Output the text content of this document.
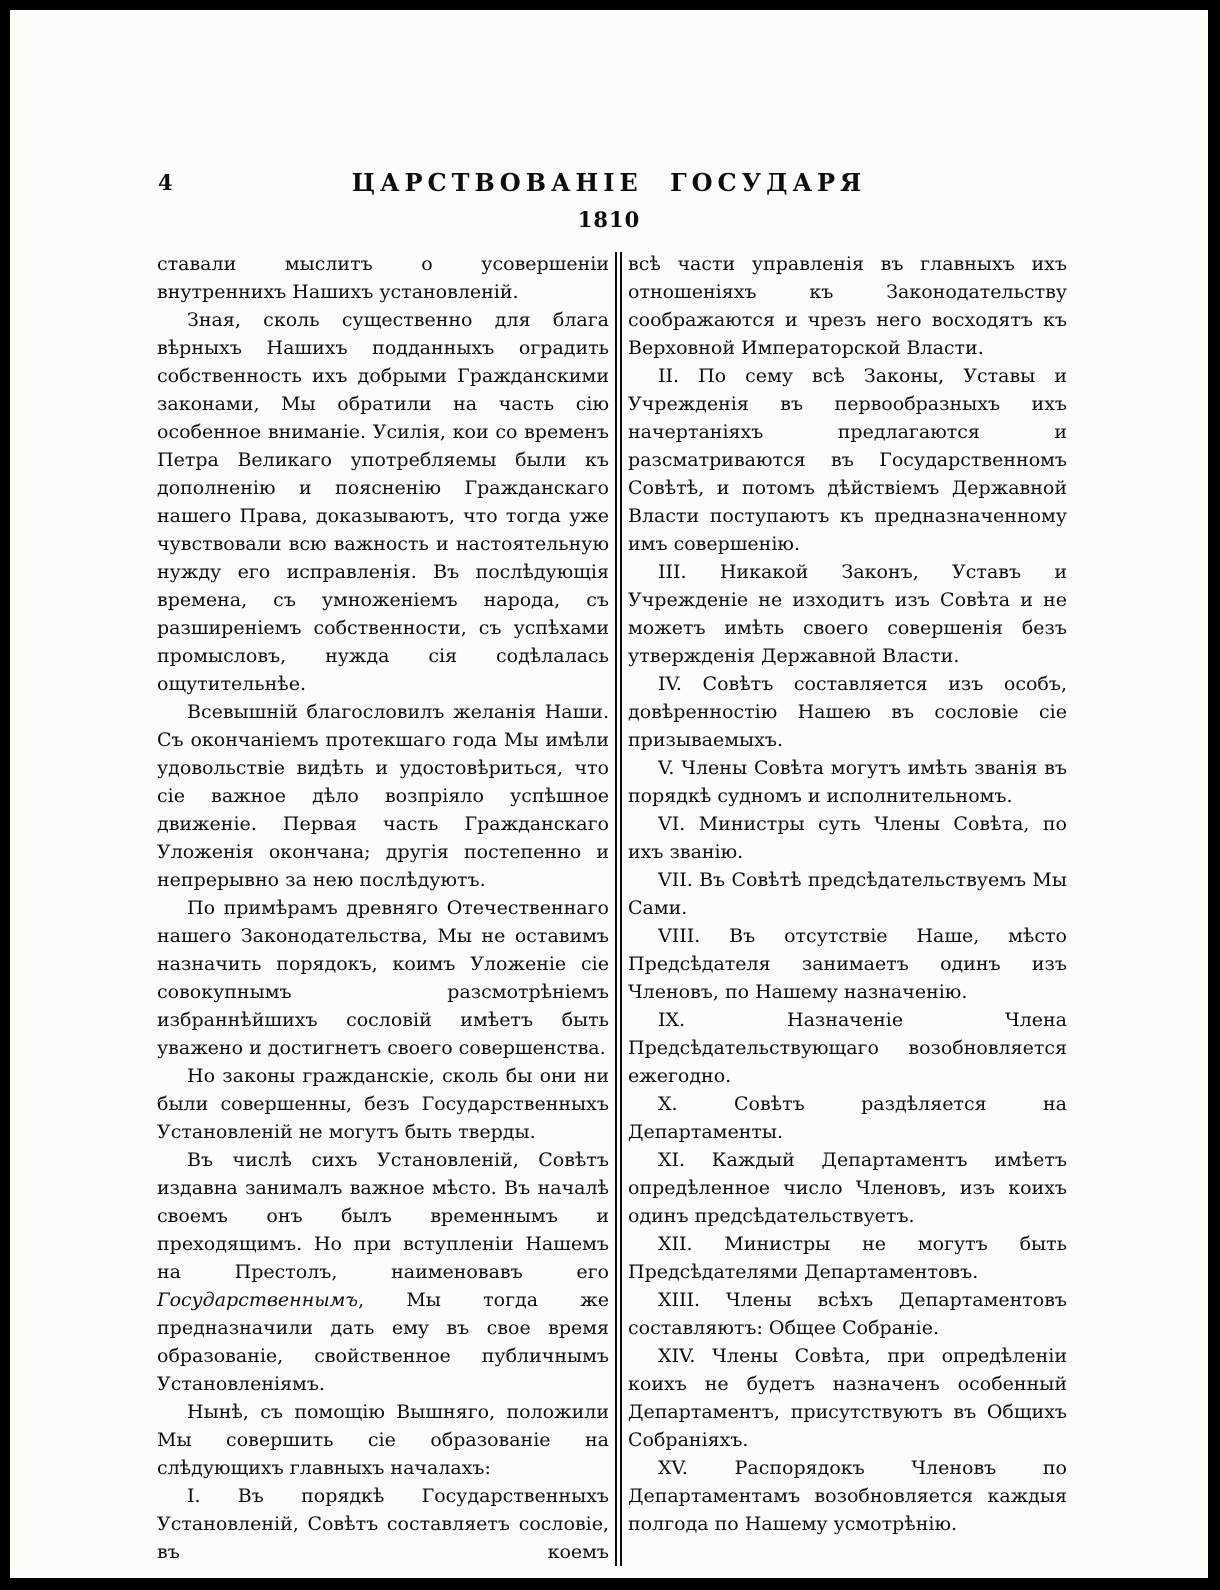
4	ЦАРСТВОВАНІЕ ГОСУДАРЯ
1810

ставали мыслитъ о усовершеніи внутреннихъ Нашихъ установленій.

Зная, сколь существенно для блага вѣрныхъ Нашихъ подданныхъ оградить собственность ихъ добрыми Гражданскими законами, Мы обратили на часть сію особенное вниманіе. Усилія, кои со временъ Петра Великаго употребляемы были къ дополненію и поясненію Гражданскаго нашего Права, доказываютъ, что тогда уже чувствовали всю важность и настоятельную нужду его исправленія. Въ послѣдующія времена, съ умноженіемъ народа, съ разширеніемъ собственности, съ успѣхами промысловъ, нужда сія содѣлалась ощутительнѣе.

Всевышній благословилъ желанія Наши. Съ окончаніемъ протекшаго года Мы имѣли удовольствіе видѣть и удостовѣриться, что сіе важное дѣло возпріяло успѣшное движеніе. Первая часть Гражданскаго Уложенія окончана; другія постепенно и непрерывно за нею послѣдуютъ.

По примѣрамъ древняго Отечественнаго нашего Законодательства, Мы не оставимъ назначить порядокъ, коимъ Уложеніе сіе совокупнымъ разсмотрѣніемъ избраннѣйшихъ сословій имѣетъ быть уважено и достигнетъ своего совершенства.

Но законы гражданскіе, сколь бы они ни были совершенны, безъ Государственныхъ Установленій не могутъ быть тверды.

Въ числѣ сихъ Установленій, Совѣтъ издавна занималъ важное мѣсто. Въ началѣ своемъ онъ былъ временнымъ и преходящимъ. Но при вступленіи Нашемъ на Престолъ, наименовавъ его Государственнымъ, Мы тогда же предназначили дать ему въ свое время образованіе, свойственное публичнымъ Установленіямъ.

Нынѣ, съ помощію Вышняго, положили Мы совершить сіе образованіе на слѣдующихъ главныхъ началахъ:

I. Въ порядкѣ Государственныхъ Установленій, Совѣтъ составляетъ сословіе, въ коемъ

всѣ части управленія въ главныхъ ихъ отношеніяхъ къ Законодательству соображаются и чрезъ него восходятъ къ Верховной Императорской Власти.

II. По сему всѣ Законы, Уставы и Учрежденія въ первообразныхъ ихъ начертаніяхъ предлагаются и разсматриваются въ Государственномъ Совѣтѣ, и потомъ дѣйствіемъ Державной Власти поступаютъ къ предназначенному имъ совершенію.

III. Никакой Законъ, Уставъ и Учрежденіе не изходитъ изъ Совѣта и не можетъ имѣть своего совершенія безъ утвержденія Державной Власти.

IV. Совѣтъ составляется изъ особъ, довѣренностію Нашею въ сословіе сіе призываемыхъ.

V. Члены Совѣта могутъ имѣть званія въ порядкѣ судномъ и исполнительномъ.

VI. Министры суть Члены Совѣта, по ихъ званію.

VII. Въ Совѣтѣ предсѣдательствуемъ Мы Сами.

VIII. Въ отсутствіе Наше, мѣсто Предсѣдателя занимаетъ одинъ изъ Членовъ, по Нашему назначенію.

IX. Назначеніе Члена Предсѣдательствующаго возобновляется ежегодно.

X. Совѣтъ раздѣляется на Департаменты.

XI. Каждый Департаментъ имѣетъ опредѣленное число Членовъ, изъ коихъ одинъ предсѣдательствуетъ.

XII. Министры не могутъ быть Предсѣдателями Департаментовъ.

XIII. Члены всѣхъ Департаментовъ составляютъ: Общее Собраніе.

XIV. Члены Совѣта, при опредѣленіи коихъ не будетъ назначенъ особенный Департаментъ, присутствуютъ въ Общихъ Собраніяхъ.

XV. Распорядокъ Членовъ по Департаментамъ возобновляется каждыя полгода по Нашему усмотрѣнію.
